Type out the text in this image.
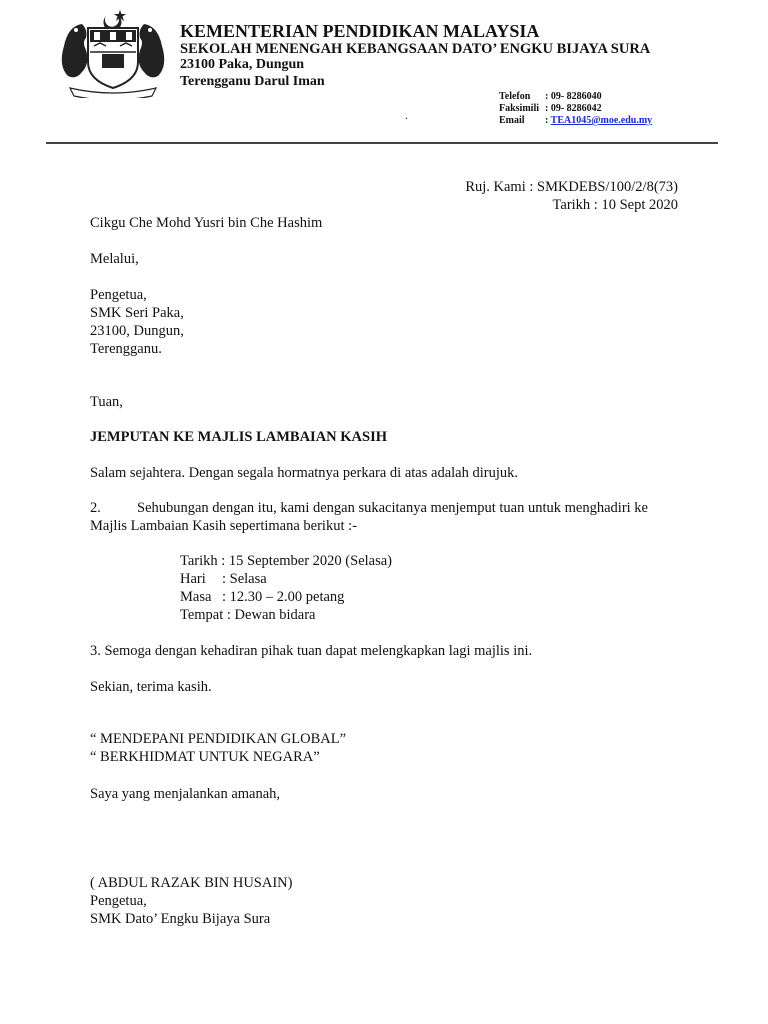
KEMENTERIAN PENDIDIKAN MALAYSIA
SEKOLAH MENENGAH KEBANGSAAN DATO’ ENGKU BIJAYA SURA
23100 Paka, Dungun
Terengganu Darul Iman
Telefon : 09- 8286040
Faksimili : 09- 8286042
Email : TEA1045@moe.edu.my
.
Ruj. Kami : SMKDEBS/100/2/8(73)
Tarikh : 10 Sept 2020
Cikgu Che Mohd Yusri bin Che Hashim
Melalui,
Pengetua,
SMK Seri Paka,
23100, Dungun,
Terengganu.
Tuan,
JEMPUTAN KE MAJLIS LAMBAIAN KASIH
Salam sejahtera. Dengan segala hormatnya perkara di atas adalah dirujuk.
2. Sehubungan dengan itu, kami dengan sukacitanya menjemput tuan untuk menghadiri ke
Majlis Lambaian Kasih sepertimana berikut :-
Tarikh : 15 September 2020 (Selasa)
Hari : Selasa
Masa : 12.30 – 2.00 petang
Tempat : Dewan bidara
3. Semoga dengan kehadiran pihak tuan dapat melengkapkan lagi majlis ini.
Sekian, terima kasih.
“ MENDEPANI PENDIDIKAN GLOBAL”
“ BERKHIDMAT UNTUK NEGARA”
Saya yang menjalankan amanah,
( ABDUL RAZAK BIN HUSAIN)
Pengetua,
SMK Dato’ Engku Bijaya Sura
